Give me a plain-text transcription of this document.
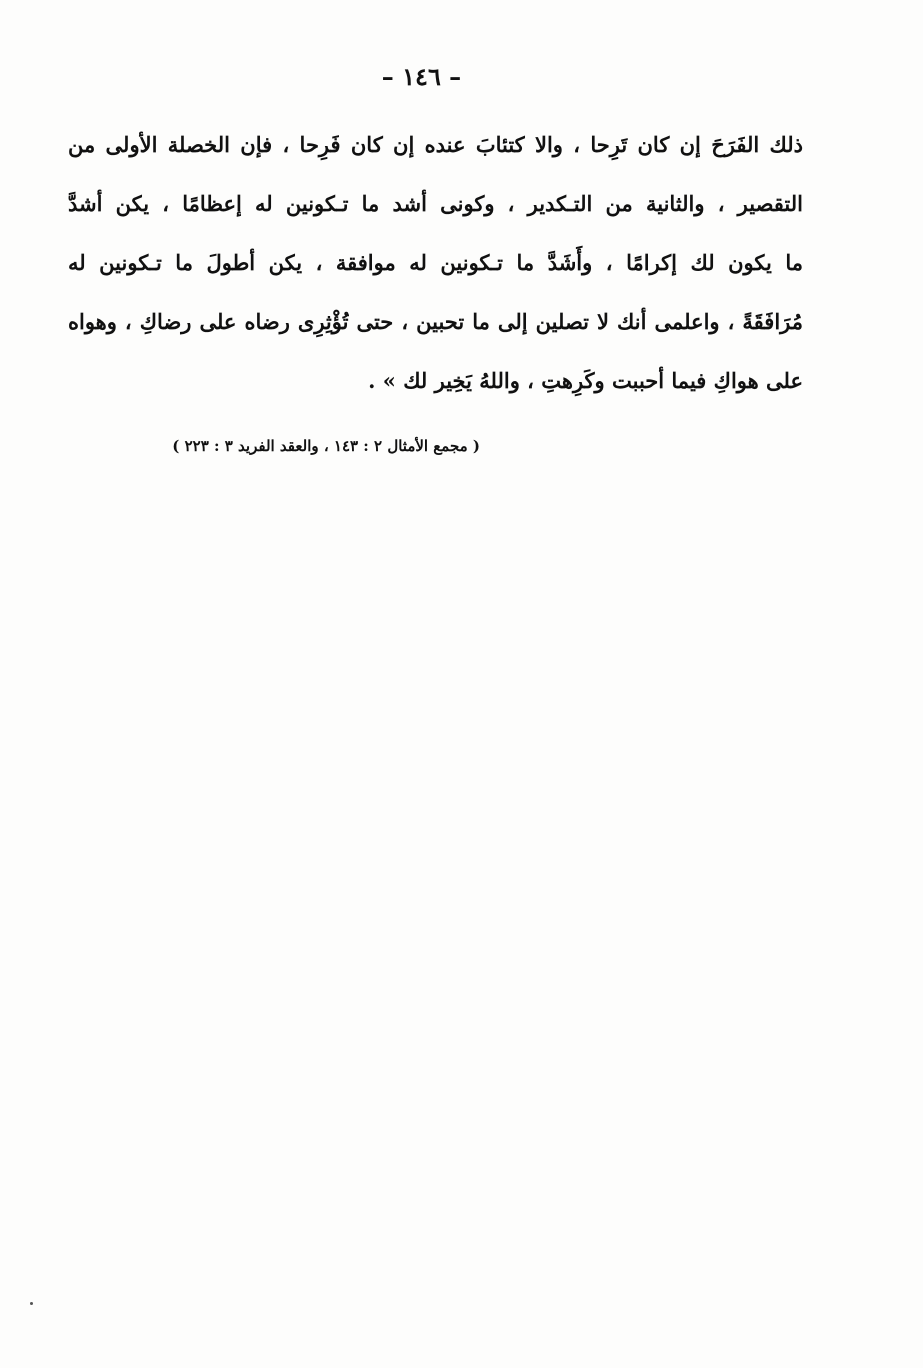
– ١٤٦ –
ذلك الفَرَحَ إن كان تَرِحا ، والا كتئابَ عنده إن كان فَرِحا ، فإن الخصلة الأولى من
التقصير ، والثانية من التـكدير ، وكونى أشد ما تـكونين له إعظامًا ، يكن أشدَّ
ما يكون لك إكرامًا ، وأَشَدَّ ما تـكونين له موافقة ، يكن أطولَ ما تـكونين له
مُرَافَقَةً ، واعلمى أنك لا تصلين إلى ما تحبين ، حتى تُؤْثِرِى رضاه على رضاكِ ، وهواه
على هواكِ فيما أحببت وكَرِهتِ ، واللهُ يَخِير لك » .
( مجمع الأمثال ٢ : ١٤٣ ، والعقد الفريد ٣ : ٢٢٣ )
